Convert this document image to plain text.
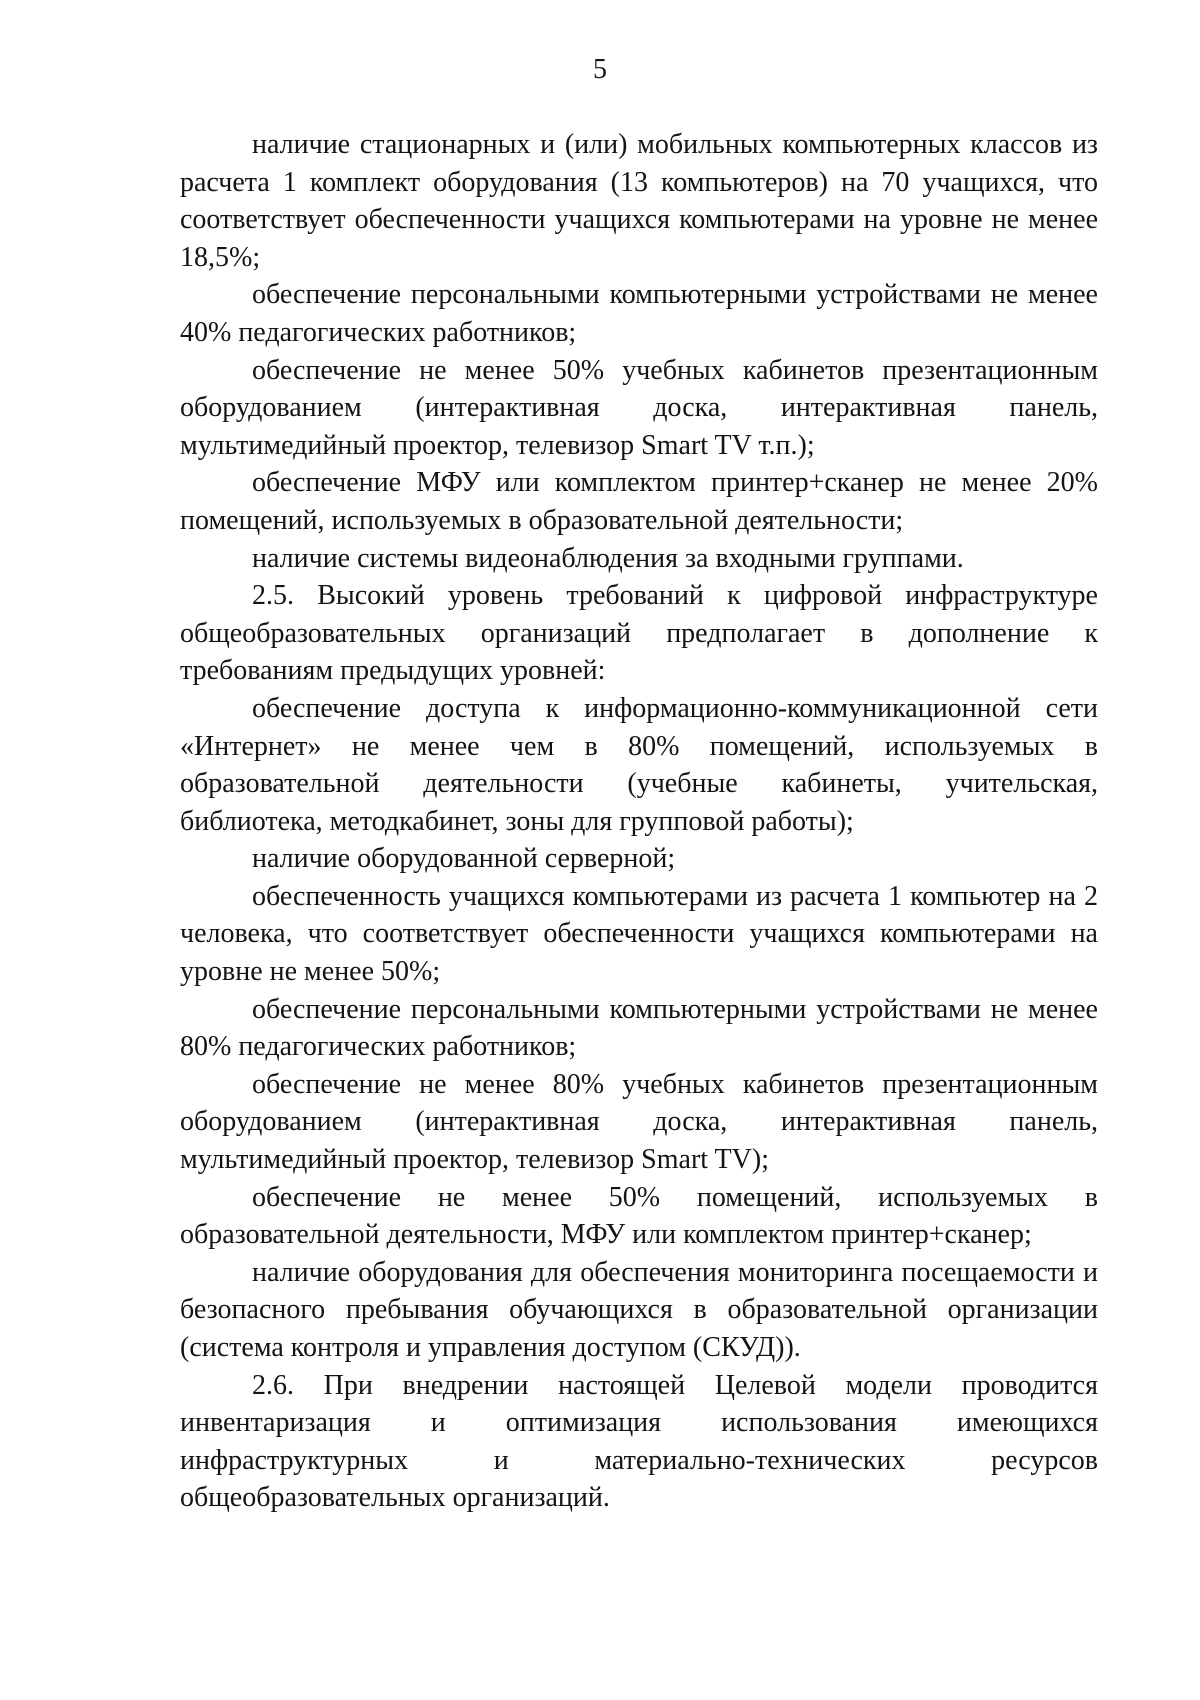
5

наличие стационарных и (или) мобильных компьютерных классов из расчета 1 комплект оборудования (13 компьютеров) на 70 учащихся, что соответствует обеспеченности учащихся компьютерами на уровне не менее 18,5%;

обеспечение персональными компьютерными устройствами не менее 40% педагогических работников;

обеспечение не менее 50% учебных кабинетов презентационным оборудованием (интерактивная доска, интерактивная панель, мультимедийный проектор, телевизор Smart TV т.п.);

обеспечение МФУ или комплектом принтер+сканер не менее 20% помещений, используемых в образовательной деятельности;

наличие системы видеонаблюдения за входными группами.

2.5. Высокий уровень требований к цифровой инфраструктуре общеобразовательных организаций предполагает в дополнение к требованиям предыдущих уровней:

обеспечение доступа к информационно-коммуникационной сети «Интернет» не менее чем в 80% помещений, используемых в образовательной деятельности (учебные кабинеты, учительская, библиотека, методкабинет, зоны для групповой работы);

наличие оборудованной серверной;

обеспеченность учащихся компьютерами из расчета 1 компьютер на 2 человека, что соответствует обеспеченности учащихся компьютерами на уровне не менее 50%;

обеспечение персональными компьютерными устройствами не менее 80% педагогических работников;

обеспечение не менее 80% учебных кабинетов презентационным оборудованием (интерактивная доска, интерактивная панель, мультимедийный проектор, телевизор Smart TV);

обеспечение не менее 50% помещений, используемых в образовательной деятельности, МФУ или комплектом принтер+сканер;

наличие оборудования для обеспечения мониторинга посещаемости и безопасного пребывания обучающихся в образовательной организации (система контроля и управления доступом (СКУД)).

2.6. При внедрении настоящей Целевой модели проводится инвентаризация и оптимизация использования имеющихся инфраструктурных и материально-технических ресурсов общеобразовательных организаций.
